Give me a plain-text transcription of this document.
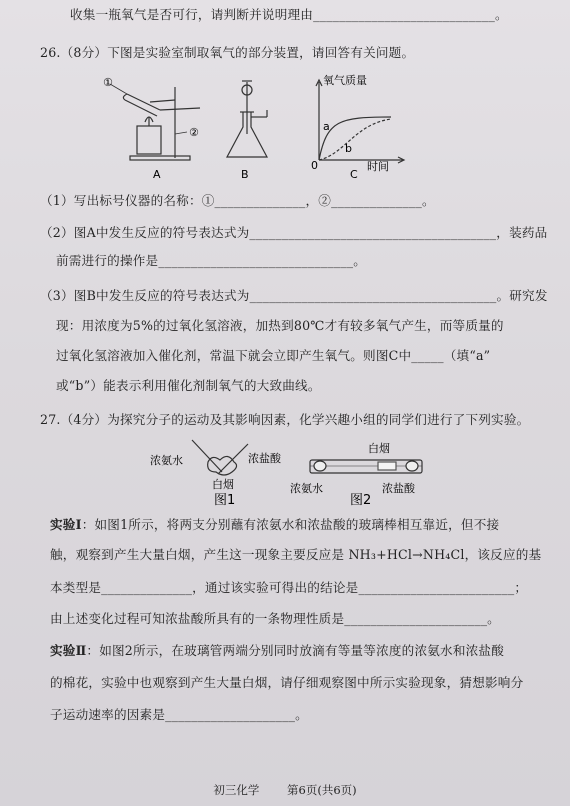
收集一瓶氧气是否可行，请判断并说明理由____________________________。
26.（8分）下图是实验室制取氧气的部分装置，请回答有关问题。
①
②
A	B	C
氧气质量
时间
a
b
0
（1）写出标号仪器的名称：①______________，②______________。
（2）图A中发生反应的符号表达式为______________________________________，装药品
前需进行的操作是______________________________。
（3）图B中发生反应的符号表达式为______________________________________。研究发
现：用浓度为5%的过氧化氢溶液，加热到80℃才有较多氧气产生，而等质量的
过氧化氢溶液加入催化剂，常温下就会立即产生氧气。则图C中_____（填“a”
或“b”）能表示利用催化剂制氧气的大致曲线。
27.（4分）为探究分子的运动及其影响因素，化学兴趣小组的同学们进行了下列实验。
浓氨水	浓盐酸
白烟
图1
白烟
浓氨水	浓盐酸
图2
实验Ⅰ：如图1所示，将两支分别蘸有浓氨水和浓盐酸的玻璃棒相互靠近，但不接
触，观察到产生大量白烟，产生这一现象主要反应是 NH₃+HCl→NH₄Cl，该反应的基
本类型是______________，通过该实验可得出的结论是________________________；
由上述变化过程可知浓盐酸所具有的一条物理性质是______________________。
实验Ⅱ：如图2所示，在玻璃管两端分别同时放滴有等量等浓度的浓氨水和浓盐酸
的棉花，实验中也观察到产生大量白烟，请仔细观察图中所示实验现象，猜想影响分
子运动速率的因素是____________________。
初三化学 第6页(共6页)
